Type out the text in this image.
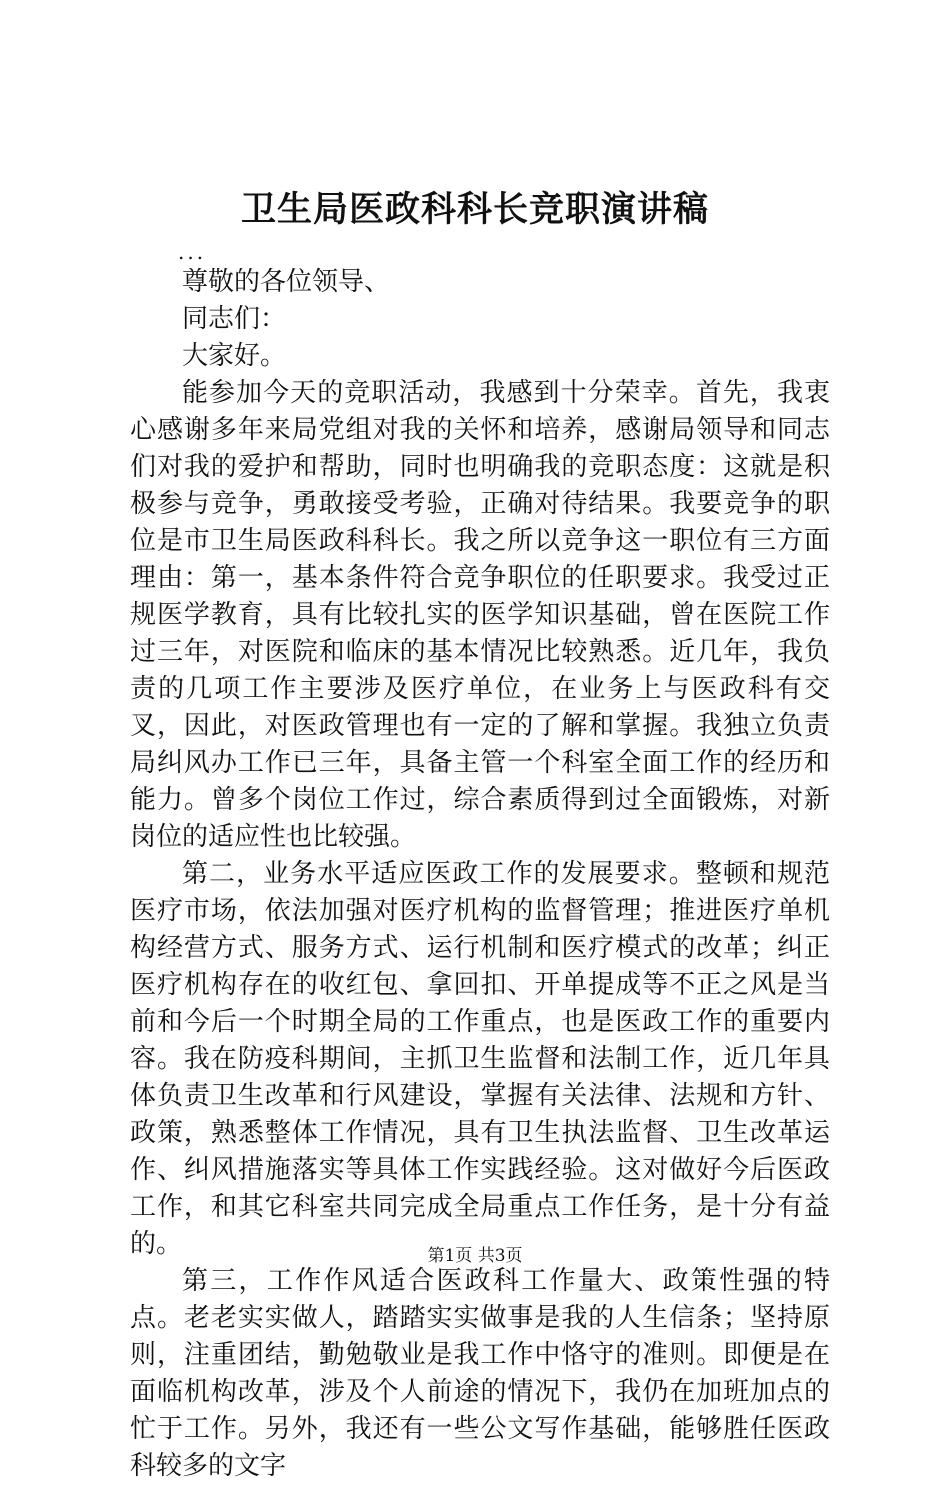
卫生局医政科科长竞职演讲稿
...

尊敬的各位领导、

同志们：

大家好。

能参加今天的竞职活动，我感到十分荣幸。首先，我衷心感谢多年来局党组对我的关怀和培养，感谢局领导和同志们对我的爱护和帮助，同时也明确我的竞职态度：这就是积极参与竞争，勇敢接受考验，正确对待结果。我要竞争的职位是市卫生局医政科科长。我之所以竞争这一职位有三方面理由：第一，基本条件符合竞争职位的任职要求。我受过正规医学教育，具有比较扎实的医学知识基础，曾在医院工作过三年，对医院和临床的基本情况比较熟悉。近几年，我负责的几项工作主要涉及医疗单位，在业务上与医政科有交叉，因此，对医政管理也有一定的了解和掌握。我独立负责局纠风办工作已三年，具备主管一个科室全面工作的经历和能力。曾多个岗位工作过，综合素质得到过全面锻炼，对新岗位的适应性也比较强。

第二，业务水平适应医政工作的发展要求。整顿和规范医疗市场，依法加强对医疗机构的监督管理；推进医疗单机构经营方式、服务方式、运行机制和医疗模式的改革；纠正医疗机构存在的收红包、拿回扣、开单提成等不正之风是当前和今后一个时期全局的工作重点，也是医政工作的重要内容。我在防疫科期间，主抓卫生监督和法制工作，近几年具体负责卫生改革和行风建设，掌握有关法律、法规和方针、政策，熟悉整体工作情况，具有卫生执法监督、卫生改革运作、纠风措施落实等具体工作实践经验。这对做好今后医政工作，和其它科室共同完成全局重点工作任务，是十分有益的。

第三，工作作风适合医政科工作量大、政策性强的特点。老老实实做人，踏踏实实做事是我的人生信条；坚持原则，注重团结，勤勉敬业是我工作中恪守的准则。即便是在面临机构改革，涉及个人前途的情况下，我仍在加班加点的忙于工作。另外，我还有一些公文写作基础，能够胜任医政科较多的文字

第1页 共3页
